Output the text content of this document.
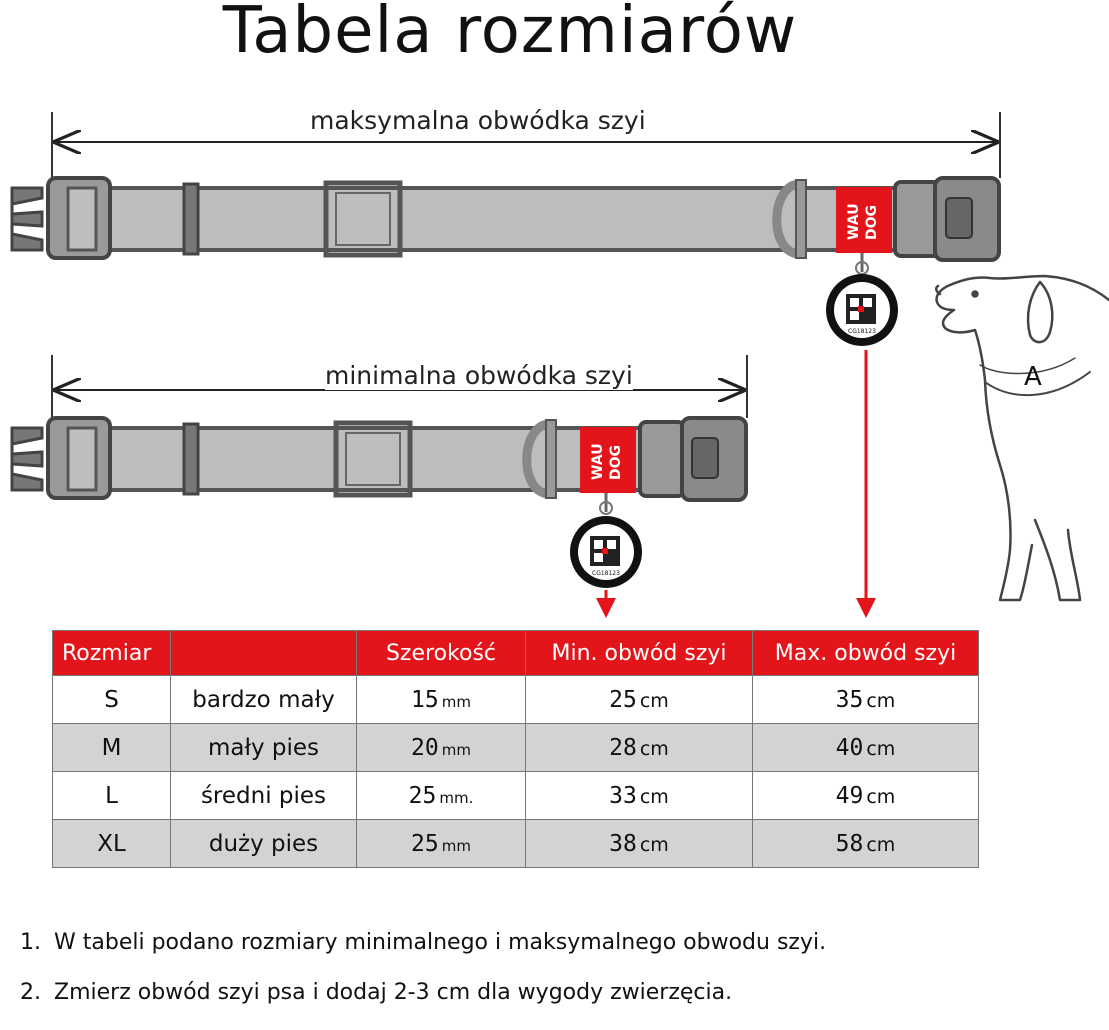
Tabela rozmiarów
WAU DOG
CG18123
WAU DOG
CG18123
A
maksymalna obwódka szyi
minimalna obwódka szyi
Rozmiar		Szerokość	Min. obwód szyi	Max. obwód szyi
S	bardzo mały	15 mm	25 cm	35 cm
M	mały pies	20 mm	28 cm	40 cm
L	średni pies	25 mm.	33 cm	49 cm
XL	duży pies	25 mm	38 cm	58 cm
1. W tabeli podano rozmiary minimalnego i maksymalnego obwodu szyi.
2. Zmierz obwód szyi psa i dodaj 2-3 cm dla wygody zwierzęcia.
